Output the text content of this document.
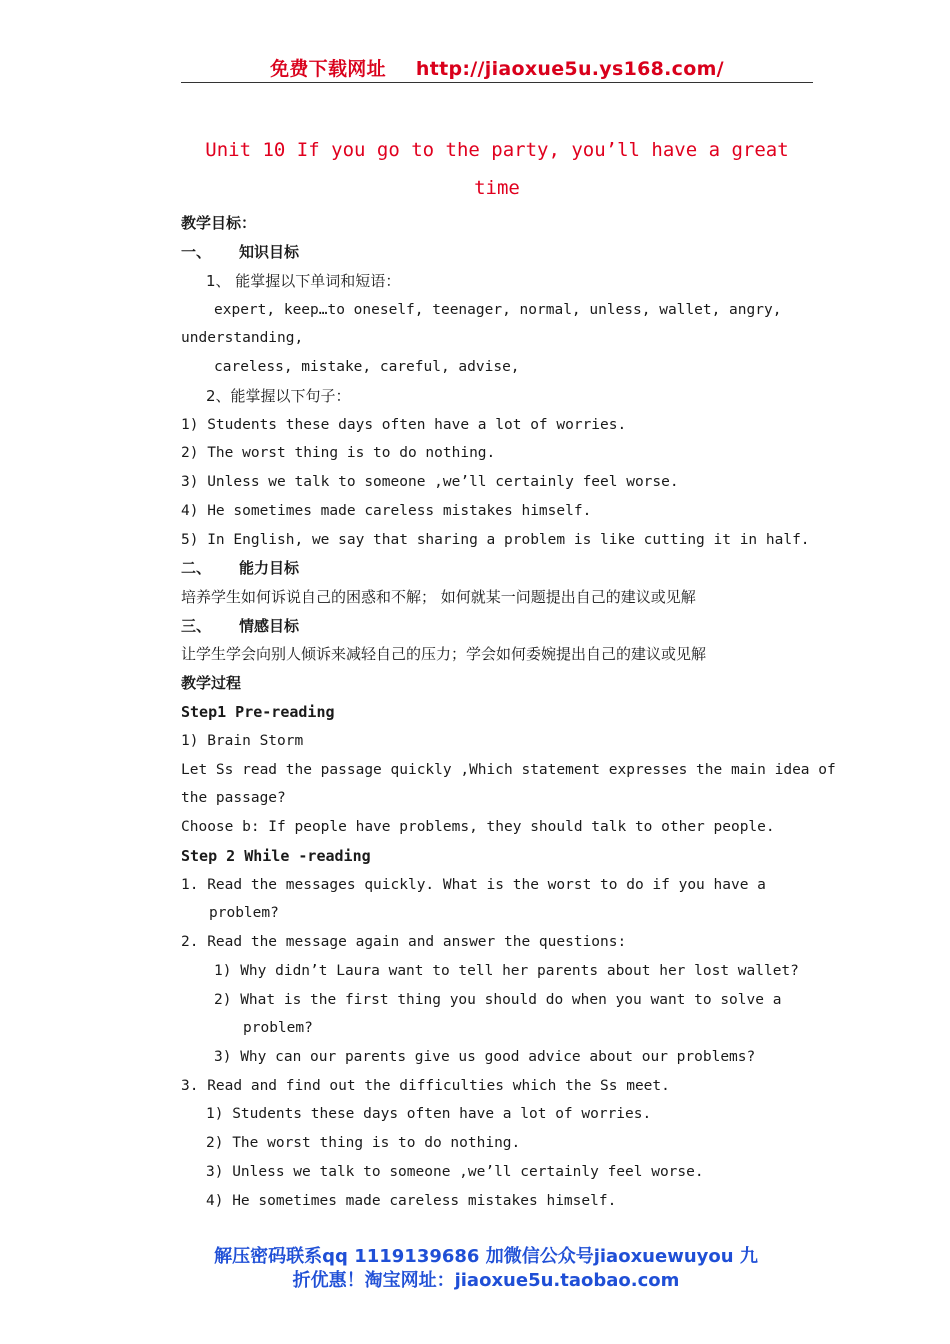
免费下载网址 http://jiaoxue5u.ys168.com/
Unit 10 If you go to the party, you’ll have a great
time
教学目标：
一、 知识目标
1、 能掌握以下单词和短语：
expert, keep…to oneself, teenager, normal, unless, wallet, angry,
understanding,
careless, mistake, careful, advise,
2、能掌握以下句子：
1) Students these days often have a lot of worries.
2) The worst thing is to do nothing.
3) Unless we talk to someone ,we’ll certainly feel worse.
4) He sometimes made careless mistakes himself.
5) In English, we say that sharing a problem is like cutting it in half.
二、 能力目标
培养学生如何诉说自己的困惑和不解； 如何就某一问题提出自己的建议或见解
三、 情感目标
让学生学会向别人倾诉来减轻自己的压力；学会如何委婉提出自己的建议或见解
教学过程
Step1 Pre-reading
1) Brain Storm
Let Ss read the passage quickly ,Which statement expresses the main idea of
the passage?
Choose b: If people have problems, they should talk to other people.
Step 2 While -reading
1. Read the messages quickly. What is the worst to do if you have a
problem?
2. Read the message again and answer the questions:
1) Why didn’t Laura want to tell her parents about her lost wallet?
2) What is the first thing you should do when you want to solve a
problem?
3) Why can our parents give us good advice about our problems?
3. Read and find out the difficulties which the Ss meet.
1) Students these days often have a lot of worries.
2) The worst thing is to do nothing.
3) Unless we talk to someone ,we’ll certainly feel worse.
4) He sometimes made careless mistakes himself.
解压密码联系qq 1119139686 加微信公众号jiaoxuewuyou 九
折优惠！淘宝网址：jiaoxue5u.taobao.com
